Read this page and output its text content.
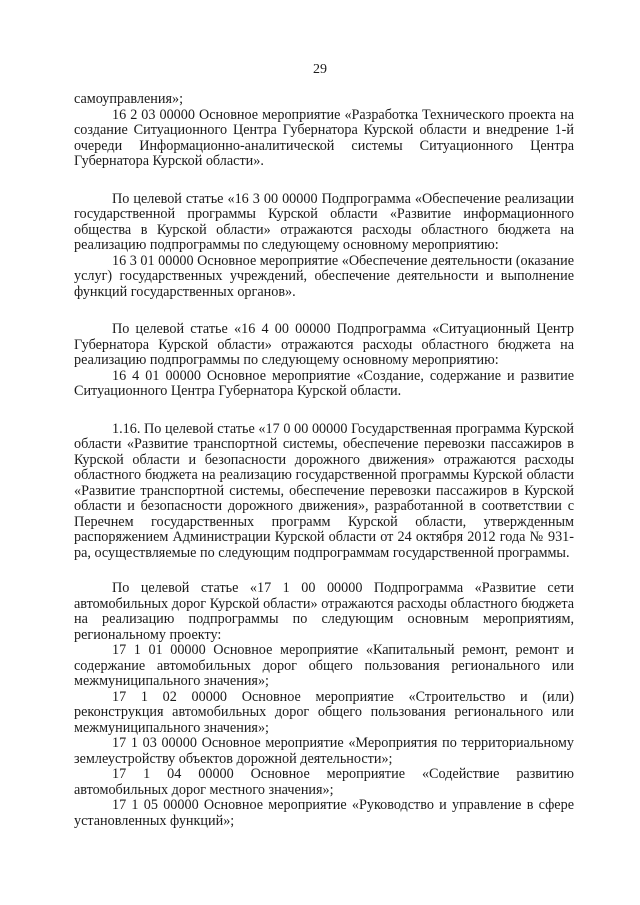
29

самоуправления»;

16 2 03 00000 Основное мероприятие «Разработка Технического проекта на создание Ситуационного Центра Губернатора Курской области и внедрение 1-й очереди Информационно-аналитической системы Ситуационного Центра Губернатора Курской области».

По целевой статье «16 3 00 00000 Подпрограмма «Обеспечение реализации государственной программы Курской области «Развитие информационного общества в Курской области» отражаются расходы областного бюджета на реализацию подпрограммы по следующему основному мероприятию:

16 3 01 00000 Основное мероприятие «Обеспечение деятельности (оказание услуг) государственных учреждений, обеспечение деятельности и выполнение функций государственных органов».

По целевой статье «16 4 00 00000 Подпрограмма «Ситуационный Центр Губернатора Курской области» отражаются расходы областного бюджета на реализацию подпрограммы по следующему основному мероприятию:

16 4 01 00000 Основное мероприятие «Создание, содержание и развитие Ситуационного Центра Губернатора Курской области.

1.16. По целевой статье «17 0 00 00000 Государственная программа Курской области «Развитие транспортной системы, обеспечение перевозки пассажиров в Курской области и безопасности дорожного движения» отражаются расходы областного бюджета на реализацию государственной программы Курской области «Развитие транспортной системы, обеспечение перевозки пассажиров в Курской области и безопасности дорожного движения», разработанной в соответствии с Перечнем государственных программ Курской области, утвержденным распоряжением Администрации Курской области от 24 октября 2012 года № 931-ра, осуществляемые по следующим подпрограммам государственной программы.

По целевой статье «17 1 00 00000 Подпрограмма «Развитие сети автомобильных дорог Курской области» отражаются расходы областного бюджета на реализацию подпрограммы по следующим основным мероприятиям, региональному проекту:

17 1 01 00000 Основное мероприятие «Капитальный ремонт, ремонт и содержание автомобильных дорог общего пользования регионального или межмуниципального значения»;

17 1 02 00000 Основное мероприятие «Строительство и (или) реконструкция автомобильных дорог общего пользования регионального или межмуниципального значения»;

17 1 03 00000 Основное мероприятие «Мероприятия по территориальному землеустройству объектов дорожной деятельности»;

17 1 04 00000 Основное мероприятие «Содействие развитию автомобильных дорог местного значения»;

17 1 05 00000 Основное мероприятие «Руководство и управление в сфере установленных функций»;
